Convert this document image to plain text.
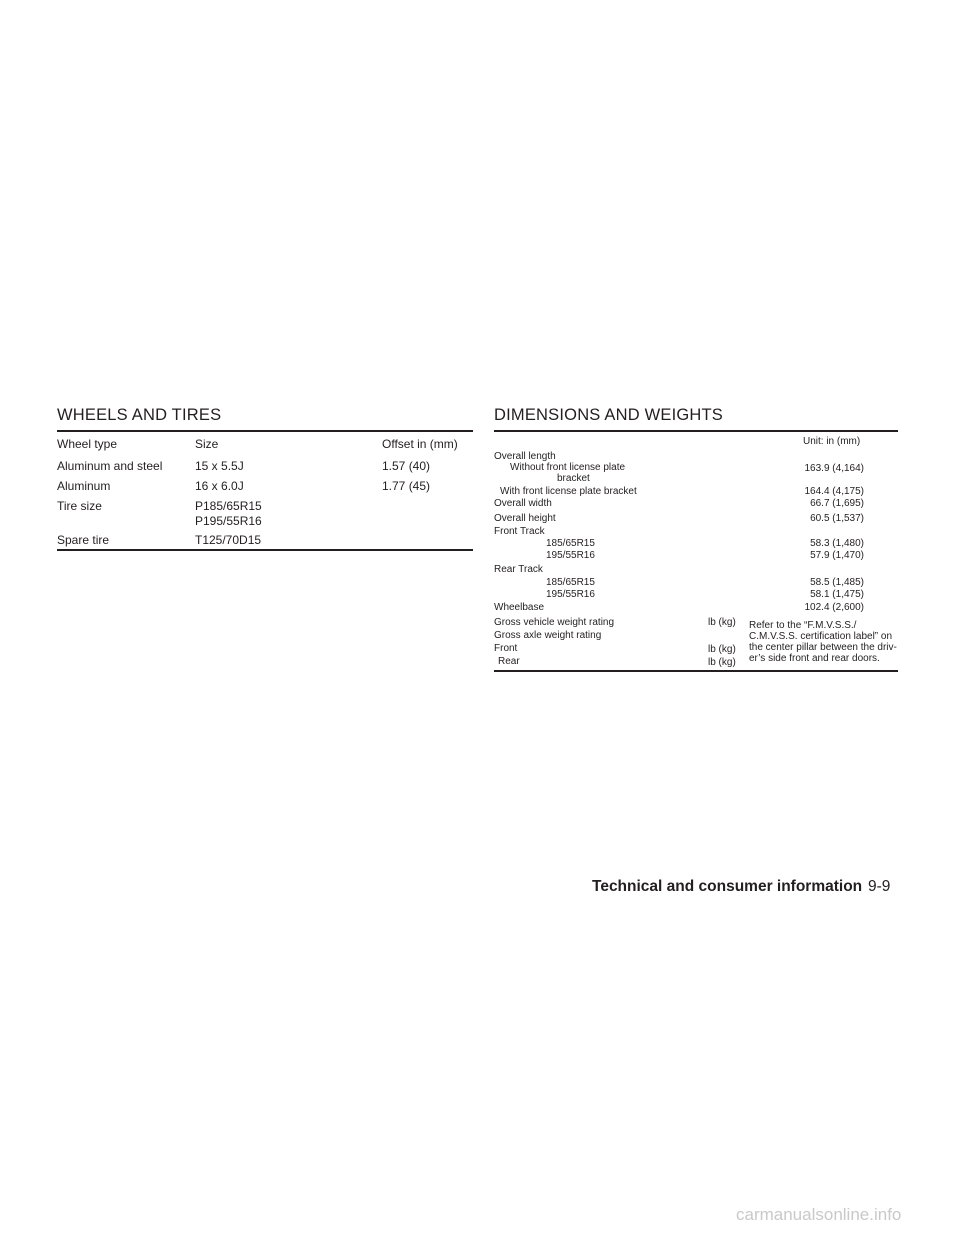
WHEELS AND TIRES
Wheel type	Size	Offset in (mm)
Aluminum and steel	15 x 5.5J	1.57 (40)
Aluminum	16 x 6.0J	1.77 (45)
Tire size	P185/65R15
P195/55R16
Spare tire	T125/70D15
DIMENSIONS AND WEIGHTS
Unit: in (mm)
Overall length
Without front license plate
bracket
163.9 (4,164)
With front license plate bracket	164.4 (4,175)
Overall width	66.7 (1,695)
Overall height	60.5 (1,537)
Front Track
185/65R15	58.3 (1,480)
195/55R16	57.9 (1,470)
Rear Track
185/65R15	58.5 (1,485)
195/55R16	58.1 (1,475)
Wheelbase	102.4 (2,600)
Gross vehicle weight rating	lb (kg)
Gross axle weight rating
Front	lb (kg)
Rear	lb (kg)
Refer to the “F.M.V.S.S./
C.M.V.S.S. certification label” on
the center pillar between the driv-
er’s side front and rear doors.
Technical and consumer information 9-9
carmanualsonline.info
